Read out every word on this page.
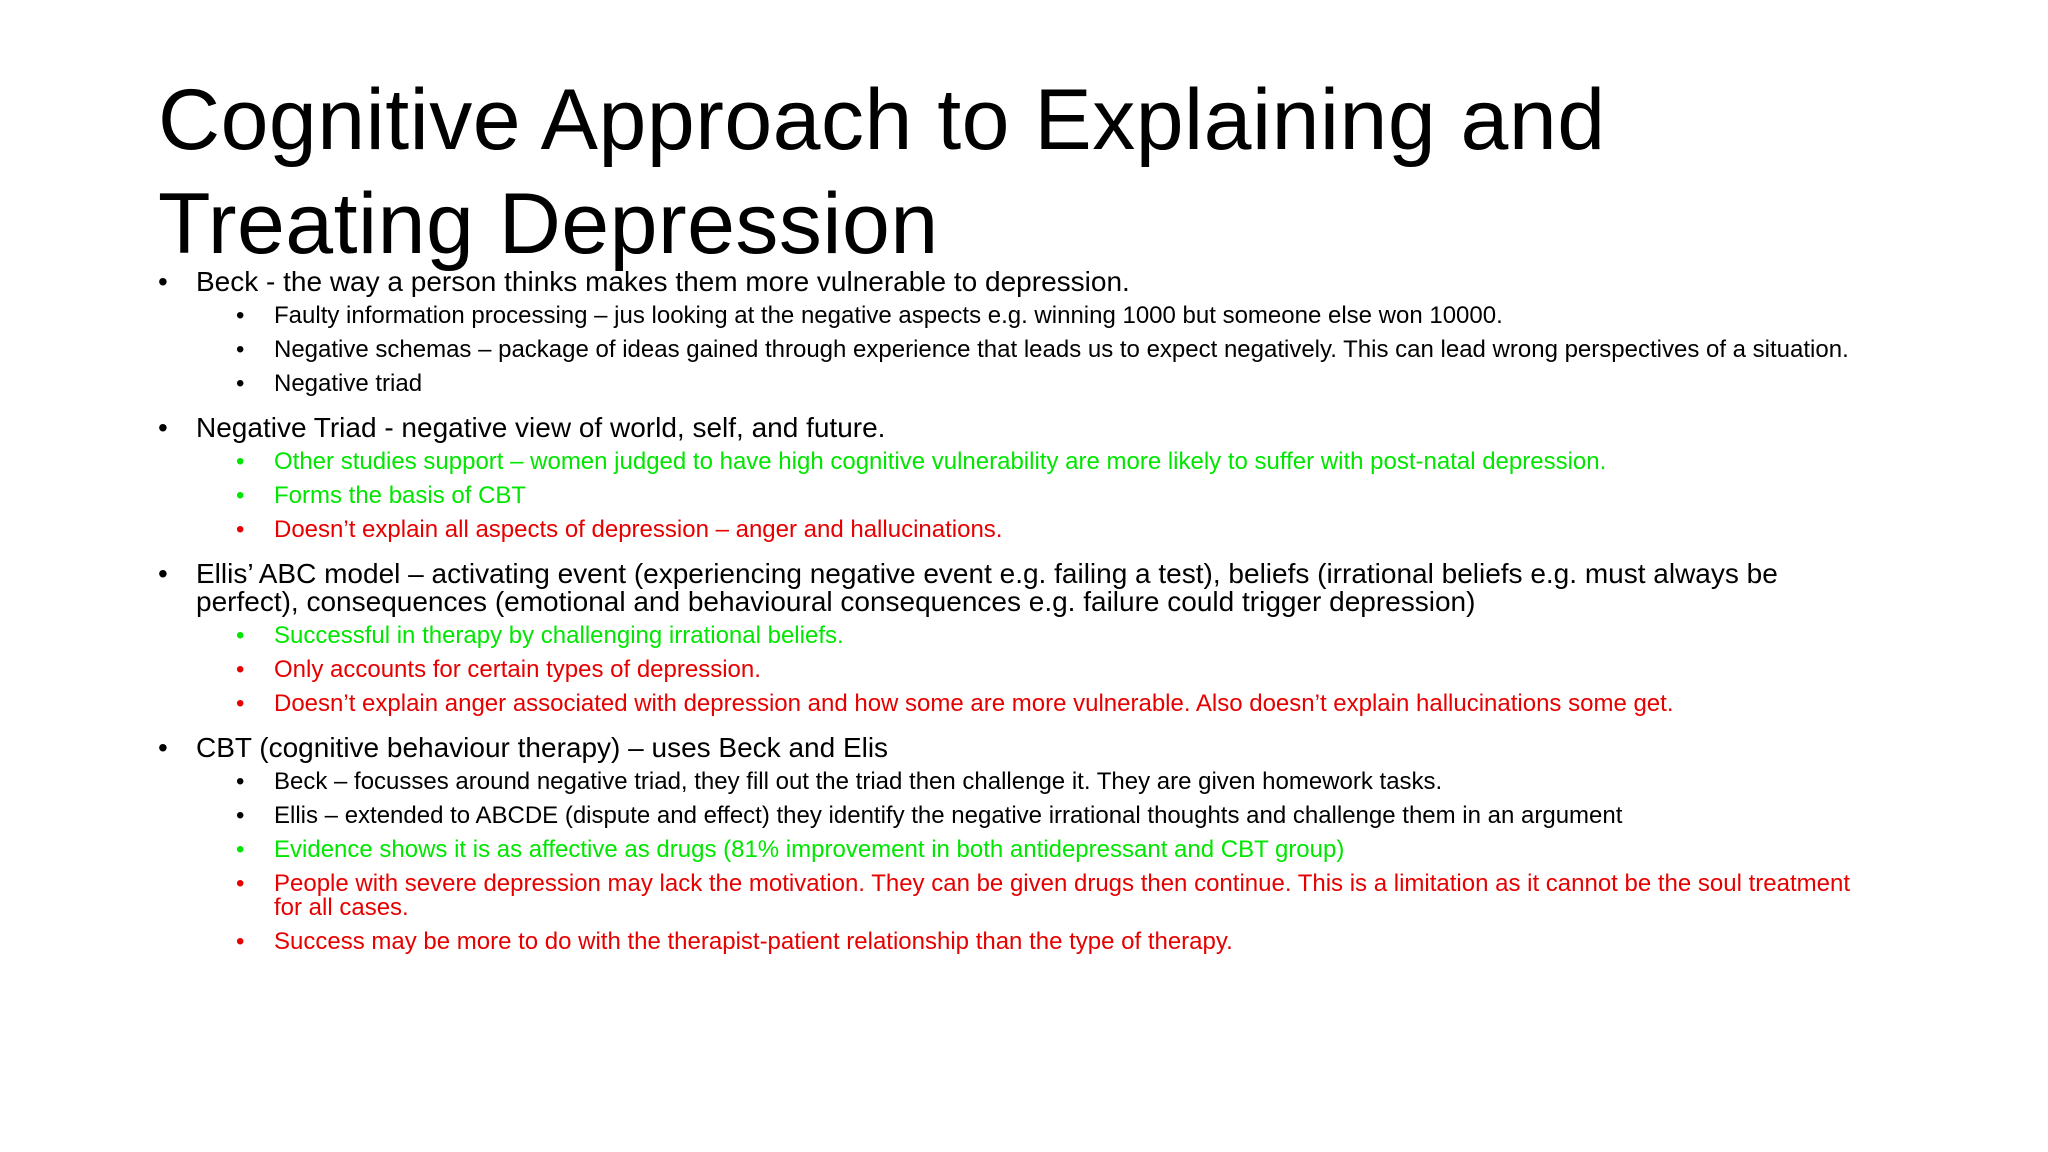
Cognitive Approach to Explaining and Treating Depression
• Beck - the way a person thinks makes them more vulnerable to depression.
• Faulty information processing – jus looking at the negative aspects e.g. winning 1000 but someone else won 10000.
• Negative schemas – package of ideas gained through experience that leads us to expect negatively. This can lead wrong perspectives of a situation.
• Negative triad
• Negative Triad - negative view of world, self, and future.
• Other studies support – women judged to have high cognitive vulnerability are more likely to suffer with post-natal depression.
• Forms the basis of CBT
• Doesn’t explain all aspects of depression – anger and hallucinations.
• Ellis’ ABC model – activating event (experiencing negative event e.g. failing a test), beliefs (irrational beliefs e.g. must always be perfect), consequences (emotional and behavioural consequences e.g. failure could trigger depression)
• Successful in therapy by challenging irrational beliefs.
• Only accounts for certain types of depression.
• Doesn’t explain anger associated with depression and how some are more vulnerable. Also doesn’t explain hallucinations some get.
• CBT (cognitive behaviour therapy) – uses Beck and Elis
• Beck – focusses around negative triad, they fill out the triad then challenge it. They are given homework tasks.
• Ellis – extended to ABCDE (dispute and effect) they identify the negative irrational thoughts and challenge them in an argument
• Evidence shows it is as affective as drugs (81% improvement in both antidepressant and CBT group)
• People with severe depression may lack the motivation. They can be given drugs then continue. This is a limitation as it cannot be the soul treatment for all cases.
• Success may be more to do with the therapist-patient relationship than the type of therapy.
